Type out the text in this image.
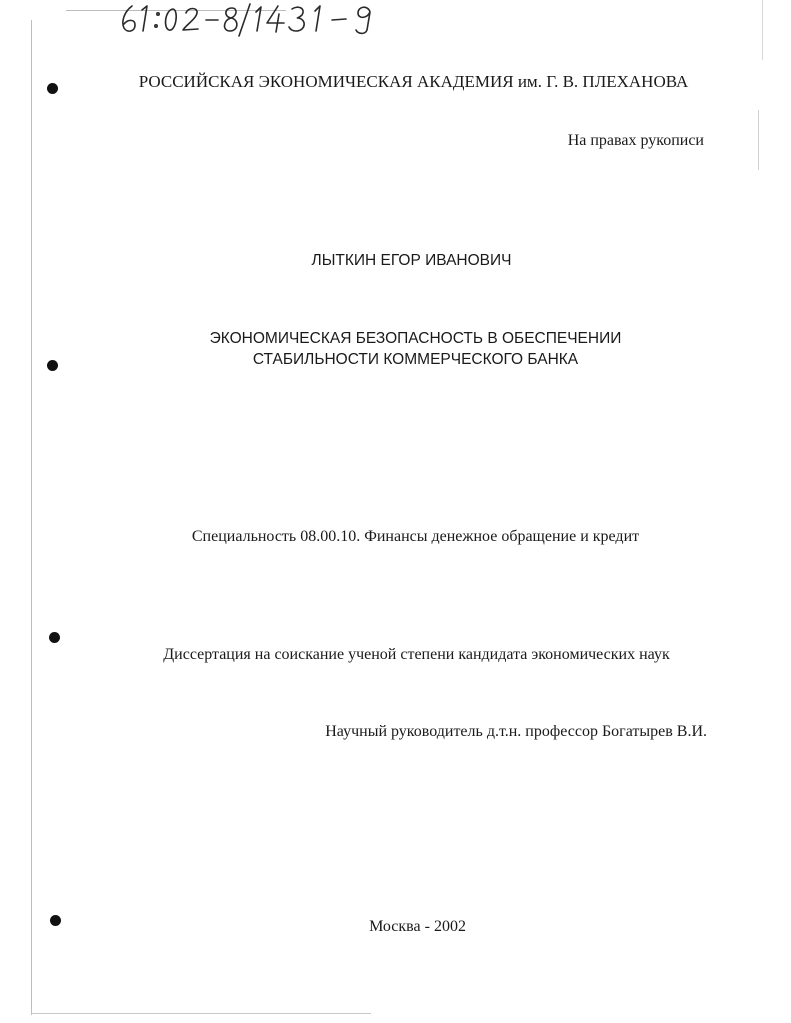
РОССИЙСКАЯ ЭКОНОМИЧЕСКАЯ АКАДЕМИЯ им. Г. В. ПЛЕХАНОВА
На правах рукописи
ЛЫТКИН ЕГОР ИВАНОВИЧ
ЭКОНОМИЧЕСКАЯ БЕЗОПАСНОСТЬ В ОБЕСПЕЧЕНИИ
СТАБИЛЬНОСТИ КОММЕРЧЕСКОГО БАНКА
Специальность 08.00.10. Финансы денежное обращение и кредит
Диссертация на соискание ученой степени кандидата экономических наук
Научный руководитель д.т.н. профессор Богатырев В.И.
Москва - 2002
